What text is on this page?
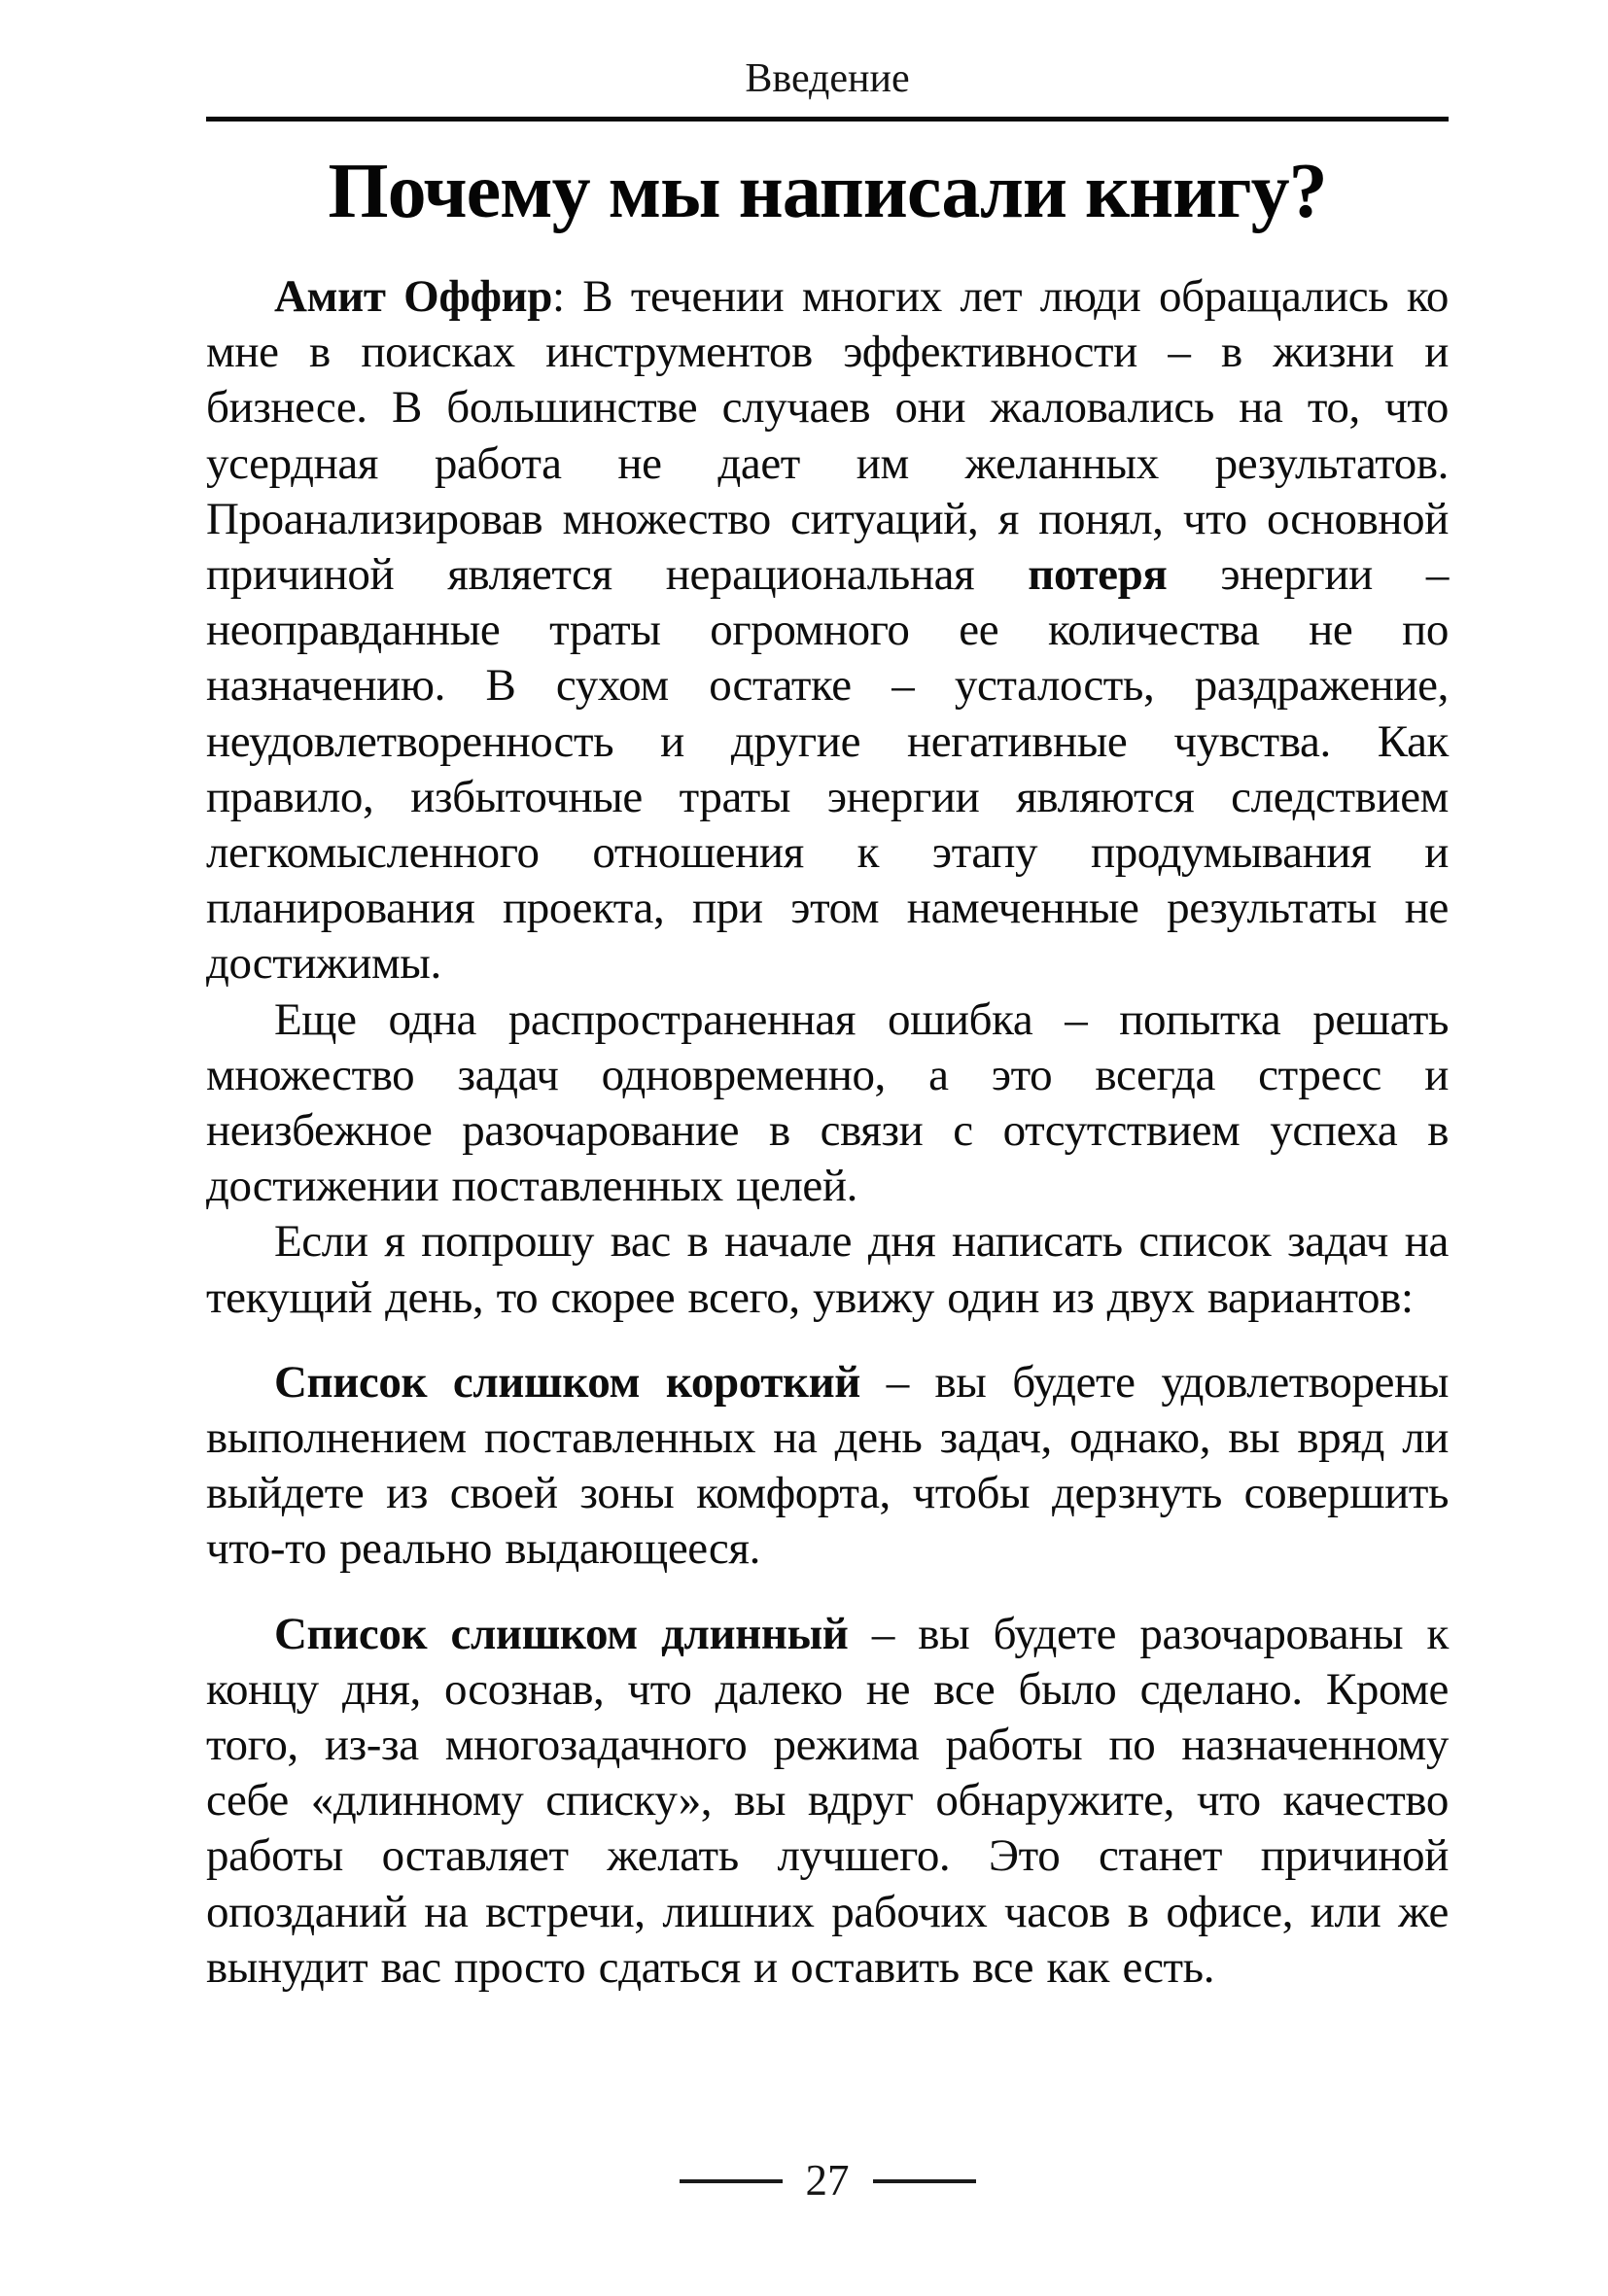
Введение
Почему мы написали книгу?

Амит Оффир: В течении многих лет люди обращались ко мне в поисках инструментов эффективности – в жизни и бизнесе. В большинстве случаев они жаловались на то, что усердная работа не дает им желанных результатов. Проанализировав множество ситуаций, я понял, что основной причиной является нерациональная потеря энергии – неоправданные траты огромного ее количества не по назначению. В сухом остатке – усталость, раздражение, неудовлетворенность и другие негативные чувства. Как правило, избыточные траты энергии являются следствием легкомысленного отношения к этапу продумывания и планирования проекта, при этом намеченные результаты не достижимы.

Еще одна распространенная ошибка – попытка решать множество задач одновременно, а это всегда стресс и неизбежное разочарование в связи с отсутствием успеха в достижении поставленных целей.

Если я попрошу вас в начале дня написать список задач на текущий день, то скорее всего, увижу один из двух вариантов:

Список слишком короткий – вы будете удовлетворены выполнением поставленных на день задач, однако, вы вряд ли выйдете из своей зоны комфорта, чтобы дерзнуть совершить что-то реально выдающееся.

Список слишком длинный – вы будете разочарованы к концу дня, осознав, что далеко не все было сделано. Кроме того, из-за многозадачного режима работы по назначенному себе «длинному списку», вы вдруг обнаружите, что качество работы оставляет желать лучшего. Это станет причиной опозданий на встречи, лишних рабочих часов в офисе, или же вынудит вас просто сдаться и оставить все как есть.

27
